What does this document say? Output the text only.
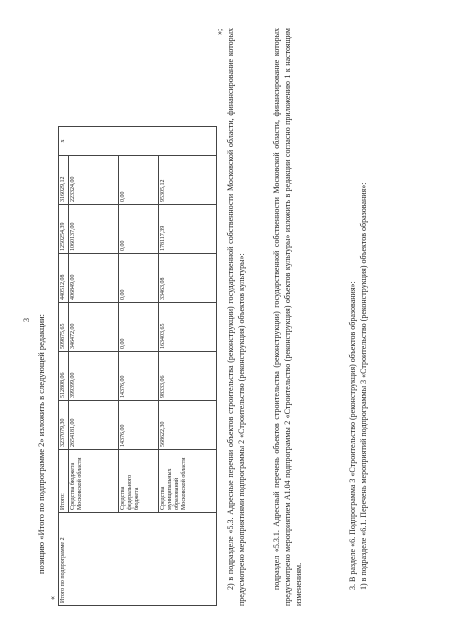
3 позицию «Итого по подпрограмме 2» изложить в следующей редакции:
« Итого по подпрограмме 2	Итого:	3237079,30	512808,06	509875,65	440512,08	1250254,39	316029,12	х
	Средства бюджета Московской области	2654181,00	399399,00	346472,00	406849,00	1060137,00	223324,00	
	Средства федерального бюджета	14376,00	14376,00	0,00	0,00	0,00	0,00	
	Средства муниципальных образований Московской области	568622,30	98333,06	163403,65	33463,08	178117,39	95305,12	
»; 2) в подразделе «5.3. Адресные перечни объектов строительства (реконструкции) государственной собственности Московской области, финансирование которых предусмотрено мероприятиями подпрограммы 2 «Строительство (реконструкция) объектов культуры»:	подраздел «5.3.1. Адресный перечень объектов строительства (реконструкции) государственной собственности Московской области, финансирование которых предусмотрено мероприятием А1.04 подпрограммы 2 «Строительство (реконструкция) объектов культуры» изложить в редакции согласно приложению 1 к настоящим изменениям.	3. В разделе «6. Подпрограмма 3 «Строительство (реконструкция) объектов образования»: 1) в подразделе «6.1. Перечень мероприятий подпрограммы 3 «Строительство (реконструкция) объектов образования»:
